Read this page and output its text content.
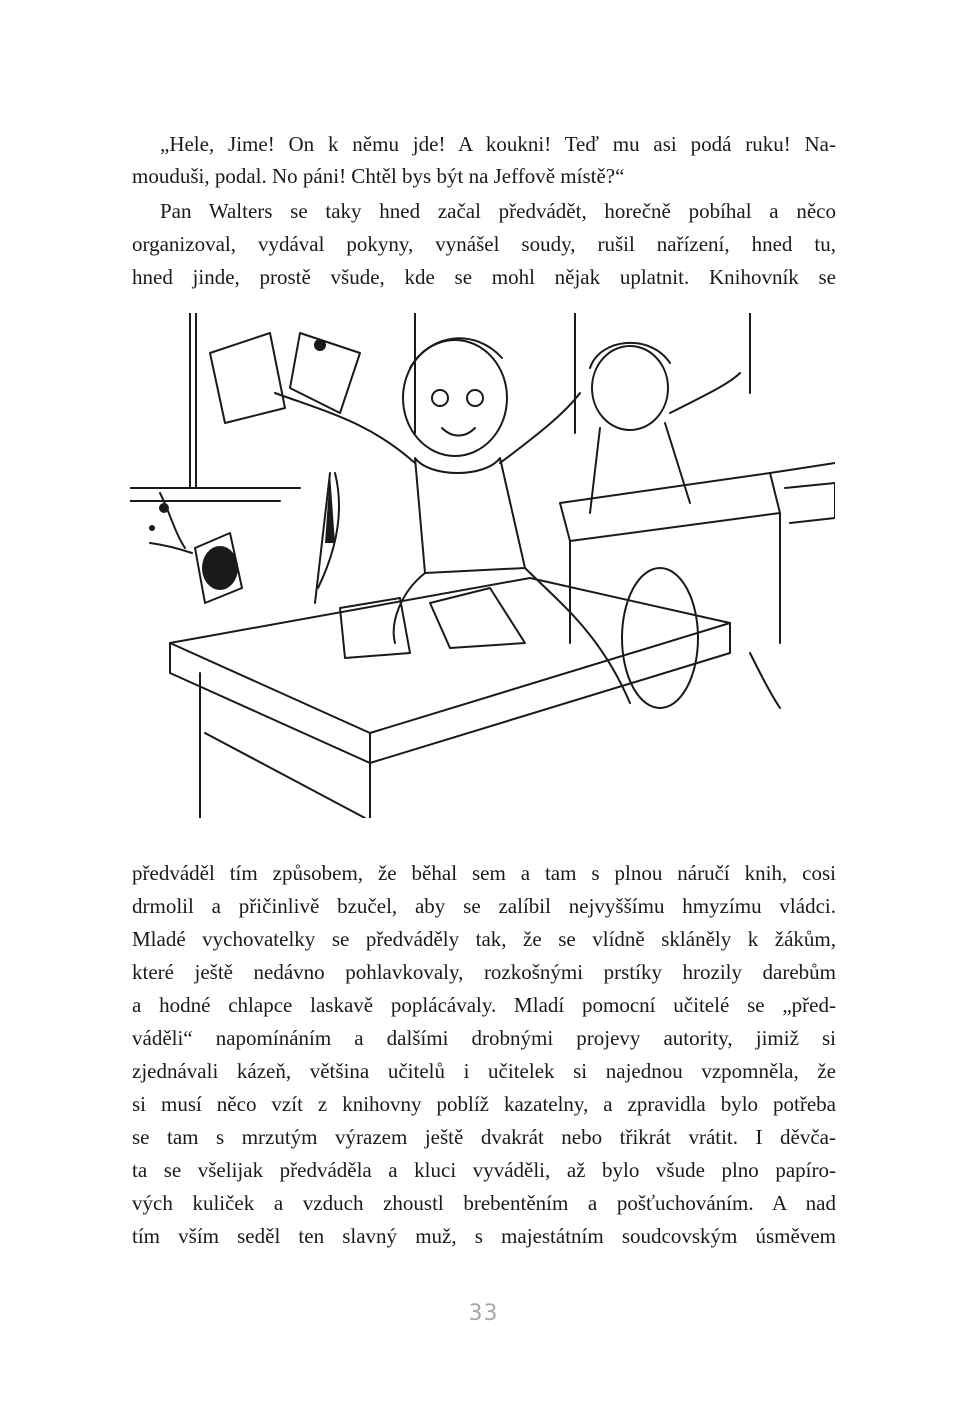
„Hele, Jime! On k němu jde! A koukni! Teď mu asi podá ruku! Na-
mouduši, podal. No páni! Chtěl bys být na Jeffově místě?“
Pan Walters se taky hned začal předvádět, horečně pobíhal a něco
organizoval, vydával pokyny, vynášel soudy, rušil nařízení, hned tu,
hned jinde, prostě všude, kde se mohl nějak uplatnit. Knihovník se
předváděl tím způsobem, že běhal sem a tam s plnou náručí knih, cosi
drmolil a přičinlivě bzučel, aby se zalíbil nejvyššímu hmyzímu vládci.
Mladé vychovatelky se předváděly tak, že se vlídně skláněly k žákům,
které ještě nedávno pohlavkovaly, rozkošnými prstíky hrozily darebům
a hodné chlapce laskavě poplácávaly. Mladí pomocní učitelé se „před-
váděli“ napomínáním a dalšími drobnými projevy autority, jimiž si
zjednávali kázeň, většina učitelů i učitelek si najednou vzpomněla, že
si musí něco vzít z knihovny poblíž kazatelny, a zpravidla bylo potřeba
se tam s mrzutým výrazem ještě dvakrát nebo třikrát vrátit. I děvča-
ta se všelijak předváděla a kluci vyváděli, až bylo všude plno papíro-
vých kuliček a vzduch zhoustl brebentěním a pošťuchováním. A nad
tím vším seděl ten slavný muž, s majestátním soudcovským úsměvem
33
